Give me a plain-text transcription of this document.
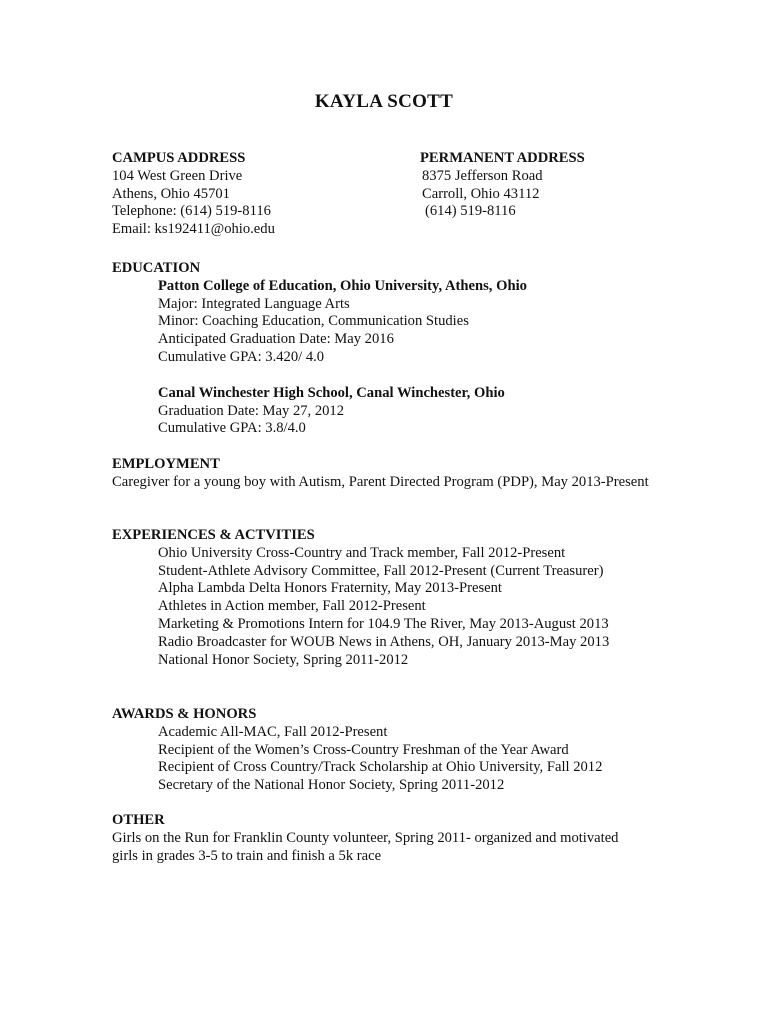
KAYLA SCOTT
CAMPUS ADDRESS
104 West Green Drive
Athens, Ohio 45701
Telephone: (614) 519-8116
Email: ks192411@ohio.edu
PERMANENT ADDRESS
8375 Jefferson Road
Carroll, Ohio 43112
(614) 519-8116
EDUCATION
Patton College of Education, Ohio University, Athens, Ohio
Major: Integrated Language Arts
Minor: Coaching Education, Communication Studies
Anticipated Graduation Date: May 2016
Cumulative GPA: 3.420/ 4.0
Canal Winchester High School, Canal Winchester, Ohio
Graduation Date: May 27, 2012
Cumulative GPA: 3.8/4.0
EMPLOYMENT
Caregiver for a young boy with Autism, Parent Directed Program (PDP), May 2013-Present
EXPERIENCES & ACTVITIES
Ohio University Cross-Country and Track member, Fall 2012-Present
Student-Athlete Advisory Committee, Fall 2012-Present (Current Treasurer)
Alpha Lambda Delta Honors Fraternity, May 2013-Present
Athletes in Action member, Fall 2012-Present
Marketing & Promotions Intern for 104.9 The River, May 2013-August 2013
Radio Broadcaster for WOUB News in Athens, OH, January 2013-May 2013
National Honor Society, Spring 2011-2012
AWARDS & HONORS
Academic All-MAC, Fall 2012-Present
Recipient of the Women’s Cross-Country Freshman of the Year Award
Recipient of Cross Country/Track Scholarship at Ohio University, Fall 2012
Secretary of the National Honor Society, Spring 2011-2012
OTHER
Girls on the Run for Franklin County volunteer, Spring 2011- organized and motivated girls in grades 3-5 to train and finish a 5k race
